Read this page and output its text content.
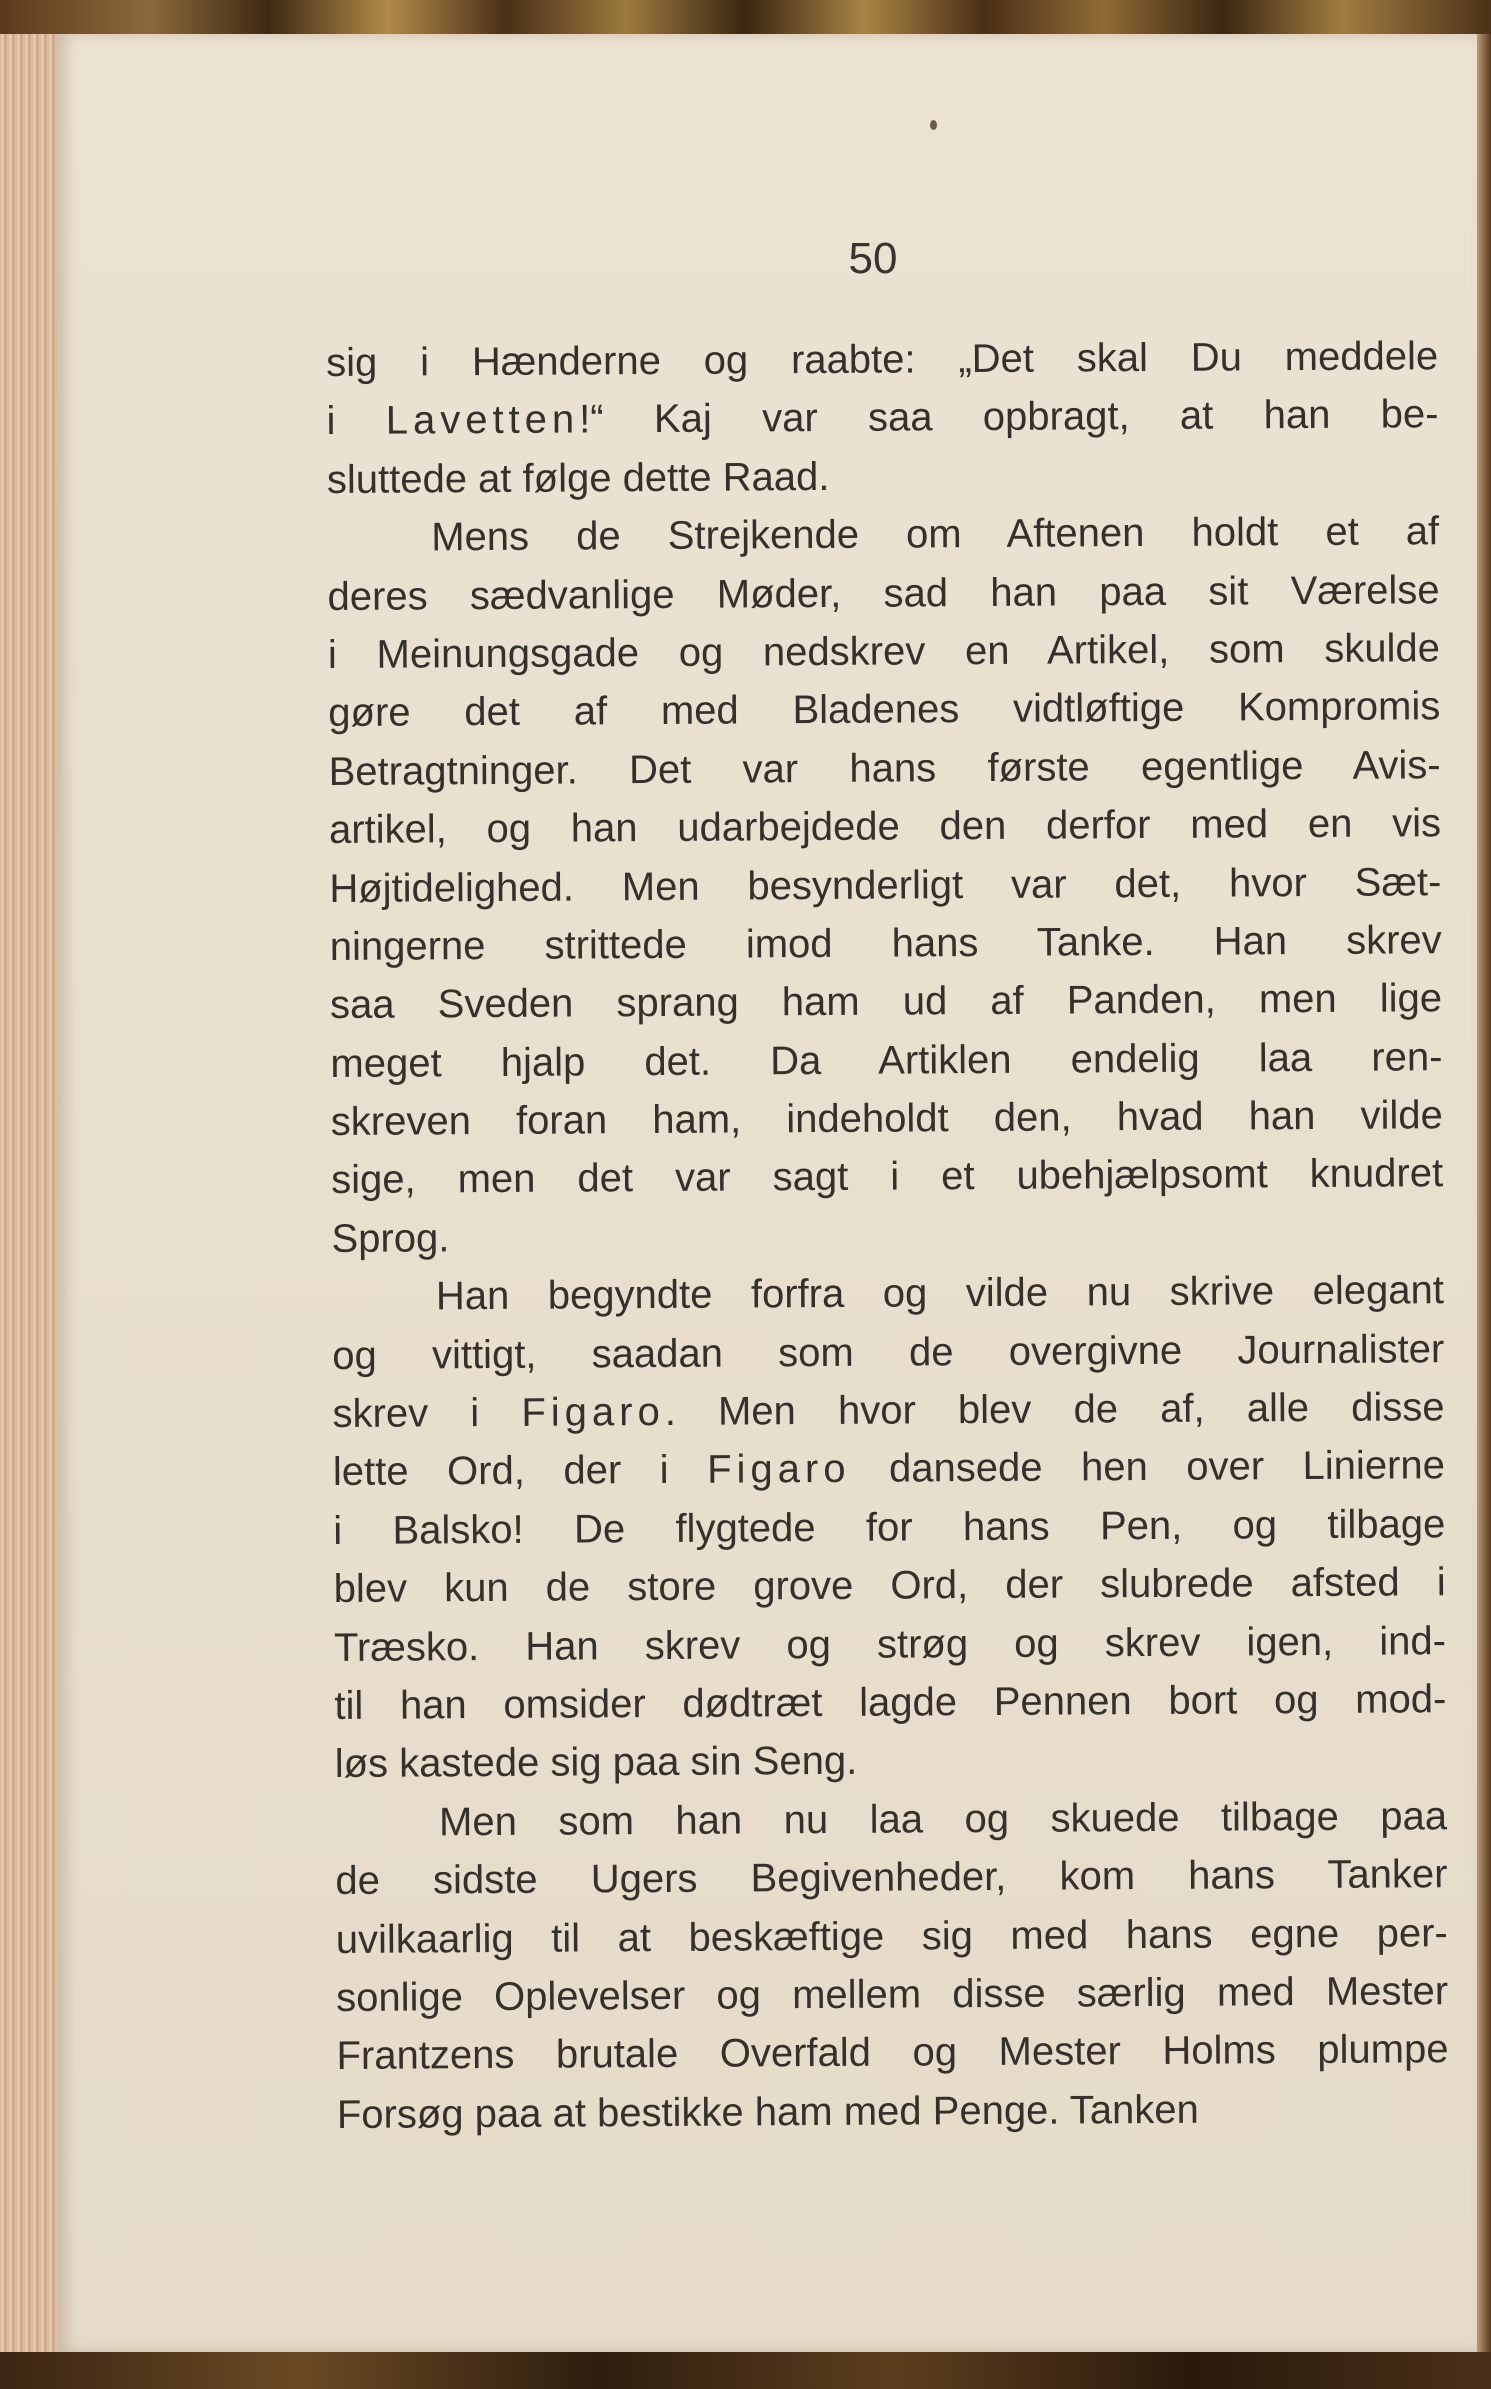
50
sig i Hænderne og raabte: „Det skal Du meddele
i Lavetten!“ Kaj var saa opbragt, at han be-
sluttede at følge dette Raad.
Mens de Strejkende om Aftenen holdt et af
deres sædvanlige Møder, sad han paa sit Værelse
i Meinungsgade og nedskrev en Artikel, som skulde
gøre det af med Bladenes vidtløftige Kompromis
Betragtninger. Det var hans første egentlige Avis-
artikel, og han udarbejdede den derfor med en vis
Højtidelighed. Men besynderligt var det, hvor Sæt-
ningerne strittede imod hans Tanke. Han skrev
saa Sveden sprang ham ud af Panden, men lige
meget hjalp det. Da Artiklen endelig laa ren-
skreven foran ham, indeholdt den, hvad han vilde
sige, men det var sagt i et ubehjælpsomt knudret
Sprog.
Han begyndte forfra og vilde nu skrive elegant
og vittigt, saadan som de overgivne Journalister
skrev i Figaro. Men hvor blev de af, alle disse
lette Ord, der i Figaro dansede hen over Linierne
i Balsko! De flygtede for hans Pen, og tilbage
blev kun de store grove Ord, der slubrede afsted i
Træsko. Han skrev og strøg og skrev igen, ind-
til han omsider dødtræt lagde Pennen bort og mod-
løs kastede sig paa sin Seng.
Men som han nu laa og skuede tilbage paa
de sidste Ugers Begivenheder, kom hans Tanker
uvilkaarlig til at beskæftige sig med hans egne per-
sonlige Oplevelser og mellem disse særlig med Mester
Frantzens brutale Overfald og Mester Holms plumpe
Forsøg paa at bestikke ham med Penge. Tanken
